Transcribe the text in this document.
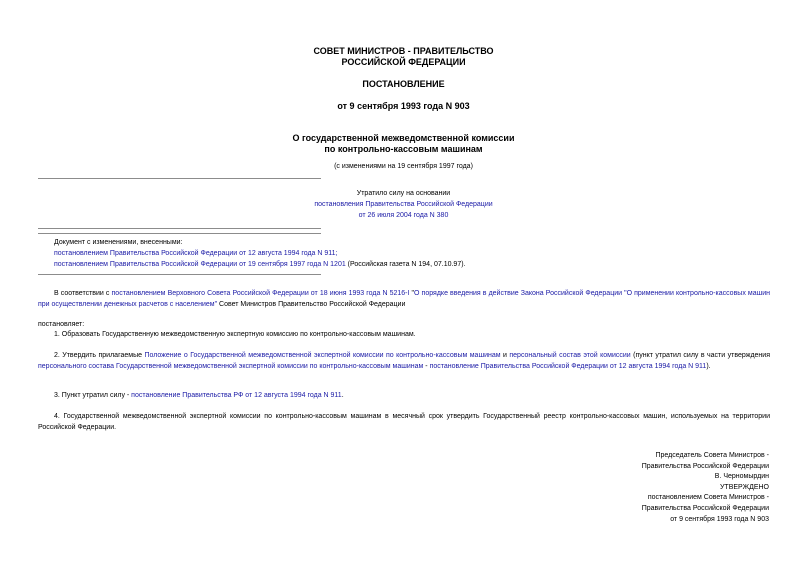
СОВЕТ МИНИСТРОВ - ПРАВИТЕЛЬСТВО
РОССИЙСКОЙ ФЕДЕРАЦИИ
ПОСТАНОВЛЕНИЕ
от 9 сентября 1993 года N 903
О государственной межведомственной комиссии
по контрольно-кассовым машинам
(с изменениями на 19 сентября 1997 года)
Утратило силу на основании
постановления Правительства Российской Федерации
от 26 июля 2004 года N 380
Документ с изменениями, внесенными:
постановлением Правительства Российской Федерации от 12 августа 1994 года N 911;
постановлением Правительства Российской Федерации от 19 сентября 1997 года N 1201 (Российская газета N 194, 07.10.97).
В соответствии с постановлением Верховного Совета Российской Федерации от 18 июня 1993 года N 5216-I "О порядке введения в действие Закона Российской Федерации "О применении контрольно-кассовых машин при осуществлении денежных расчетов с населением" Совет Министров Правительство Российской Федерации
постановляет:
1. Образовать Государственную межведомственную экспертную комиссию по контрольно-кассовым машинам.
2. Утвердить прилагаемые Положение о Государственной межведомственной экспертной комиссии по контрольно-кассовым машинам и персональный состав этой комиссии (пункт утратил силу в части утверждения персонального состава Государственной межведомственной экспертной комиссии по контрольно-кассовым машинам - постановление Правительства Российской Федерации от 12 августа 1994 года N 911).
3. Пункт утратил силу - постановление Правительства РФ от 12 августа 1994 года N 911.
4. Государственной межведомственной экспертной комиссии по контрольно-кассовым машинам в месячный срок утвердить Государственный реестр контрольно-кассовых машин, используемых на территории Российской Федерации.
Председатель Совета Министров -
Правительства Российской Федерации
В. Черномырдин
УТВЕРЖДЕНО
постановлением Совета Министров -
Правительства Российской Федерации
от 9 сентября 1993 года N 903
